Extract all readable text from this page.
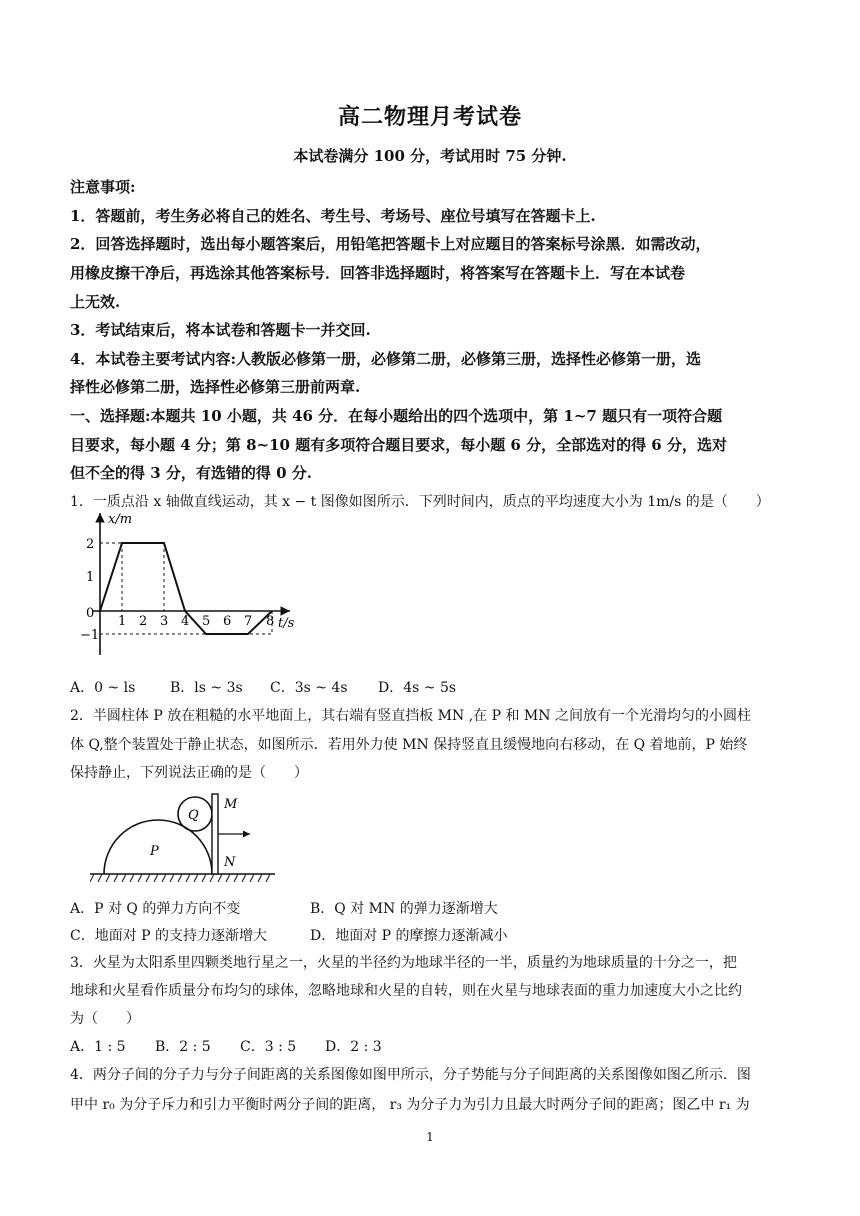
高二物理月考试卷
本试卷满分 100 分，考试用时 75 分钟.
注意事项:
1．答题前，考生务必将自己的姓名、考生号、考场号、座位号填写在答题卡上.
2．回答选择题时，选出每小题答案后，用铅笔把答题卡上对应题目的答案标号涂黑．如需改动，
用橡皮擦干净后，再选涂其他答案标号．回答非选择题时，将答案写在答题卡上．写在本试卷
上无效.
3．考试结束后，将本试卷和答题卡一并交回.
4．本试卷主要考试内容:人教版必修第一册，必修第二册，必修第三册，选择性必修第一册，选
择性必修第二册，选择性必修第三册前两章.
一、选择题:本题共 10 小题，共 46 分．在每小题给出的四个选项中，第 1~7 题只有一项符合题
目要求，每小题 4 分；第 8~10 题有多项符合题目要求，每小题 6 分，全部选对的得 6 分，选对
但不全的得 3 分，有选错的得 0 分.
1．一质点沿 x 轴做直线运动，其 x − t 图像如图所示．下列时间内，质点的平均速度大小为 1m/s 的是（　　）
x/m
t/s
2
1
0
−1
1 2 3 4 5 6 7 8
A．0 ~ ls B．ls ~ 3s C．3s ~ 4s D．4s ~ 5s
2．半圆柱体 P 放在粗糙的水平地面上，其右端有竖直挡板 MN ,在 P 和 MN 之间放有一个光滑均匀的小圆柱
体 Q,整个装置处于静止状态，如图所示．若用外力使 MN 保持竖直且缓慢地向右移动，在 Q 着地前，P 始终
保持静止，下列说法正确的是（　　）
Q
P
M
N
A．P 对 Q 的弹力方向不变	B．Q 对 MN 的弹力逐渐增大
C．地面对 P 的支持力逐渐增大	D．地面对 P 的摩擦力逐渐减小
3．火星为太阳系里四颗类地行星之一，火星的半径约为地球半径的一半，质量约为地球质量的十分之一，把
地球和火星看作质量分布均匀的球体，忽略地球和火星的自转，则在火星与地球表面的重力加速度大小之比约
为（　　）
A．1 : 5 B．2 : 5 C．3 : 5 D．2 : 3
4．两分子间的分子力与分子间距离的关系图像如图甲所示，分子势能与分子间距离的关系图像如图乙所示．图
甲中 r₀ 为分子斥力和引力平衡时两分子间的距离， r₃ 为分子力为引力且最大时两分子间的距离；图乙中 r₁ 为
1
